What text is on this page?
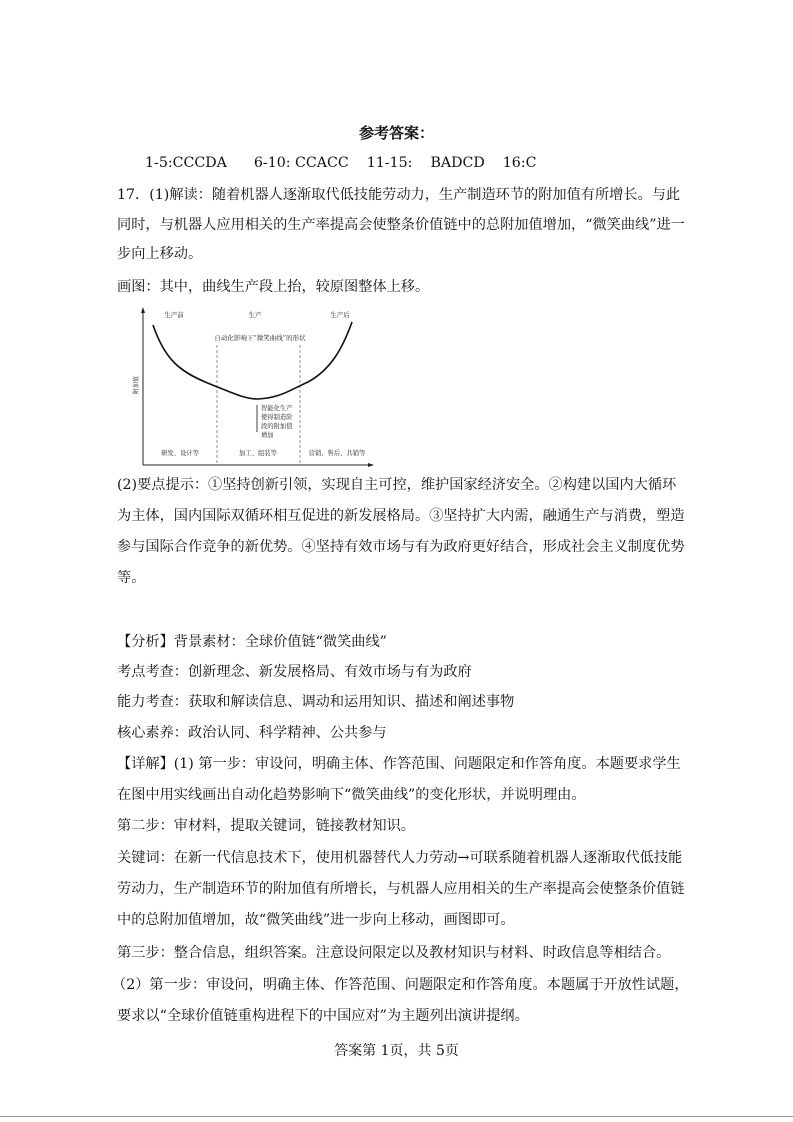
参考答案：
1-5:CCCDA      6-10: CCACC    11-15:    BADCD    16:C
17．(1)解读：随着机器人逐渐取代低技能劳动力，生产制造环节的附加值有所增长。与此
同时，与机器人应用相关的生产率提高会使整条价值链中的总附加值增加，“微笑曲线”进一
步向上移动。
画图：其中，曲线生产段上抬，较原图整体上移。
生产前	生产	生产后
自动化影响下“微笑曲线”的形状
附加值
智能化生产
使得制造阶
段的附加值
增加
研发、设计等	加工、组装等	营销、售后、共销等
(2)要点提示：①坚持创新引领，实现自主可控，维护国家经济安全。②构建以国内大循环
为主体，国内国际双循环相互促进的新发展格局。③坚持扩大内需，融通生产与消费，塑造
参与国际合作竞争的新优势。④坚持有效市场与有为政府更好结合，形成社会主义制度优势
等。
【分析】背景素材：全球价值链“微笑曲线”
考点考查：创新理念、新发展格局、有效市场与有为政府
能力考查：获取和解读信息、调动和运用知识、描述和阐述事物
核心素养：政治认同、科学精神、公共参与
【详解】(1) 第一步：审设问，明确主体、作答范围、问题限定和作答角度。本题要求学生
在图中用实线画出自动化趋势影响下“微笑曲线”的变化形状，并说明理由。
第二步：审材料，提取关键词，链接教材知识。
关键词：在新一代信息技术下，使用机器替代人力劳动→可联系随着机器人逐渐取代低技能
劳动力，生产制造环节的附加值有所增长，与机器人应用相关的生产率提高会使整条价值链
中的总附加值增加，故“微笑曲线”进一步向上移动，画图即可。
第三步：整合信息，组织答案。注意设问限定以及教材知识与材料、时政信息等相结合。
（2）第一步：审设问，明确主体、作答范围、问题限定和作答角度。本题属于开放性试题，
要求以“全球价值链重构进程下的中国应对”为主题列出演讲提纲。
答案第 1页，共 5页
